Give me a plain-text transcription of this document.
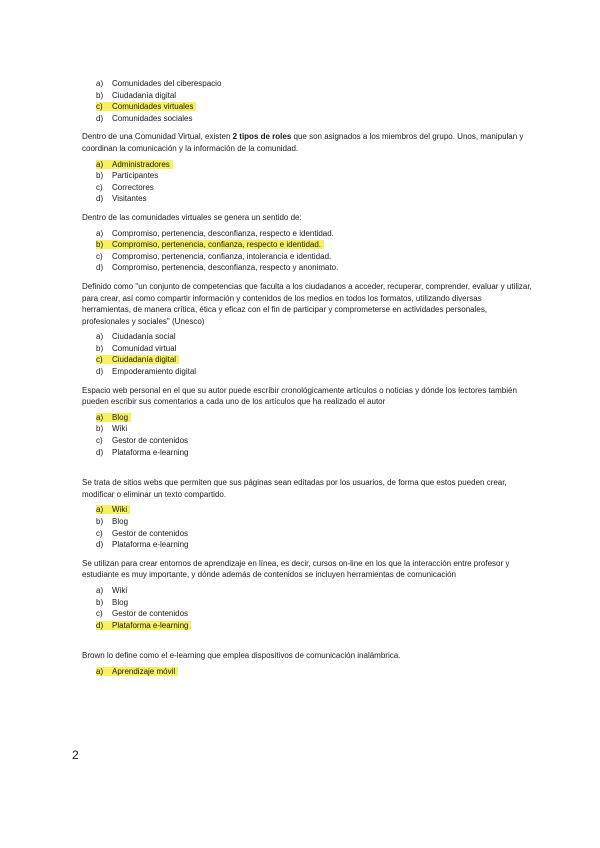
a) Comunidades del ciberespacio
b) Ciudadanía digital
c) Comunidades virtuales
d) Comunidades sociales

Dentro de una Comunidad Virtual, existen 2 tipos de roles que son asignados a los miembros del grupo. Unos, manipulan y coordinan la comunicación y la información de la comunidad.

a) Administradores
b) Participantes
c) Correctores
d) Visitantes

Dentro de las comunidades virtuales se genera un sentido de:

a) Compromiso, pertenencia, desconfianza, respecto e identidad.
b) Compromiso, pertenencia, confianza, respecto e identidad.
c) Compromiso, pertenencia, confianza, intolerancia e identidad.
d) Compromiso, pertenencia, desconfianza, respecto y anonimato.

Definido como "un conjunto de competencias que faculta a los ciudadanos a acceder, recuperar, comprender, evaluar y utilizar, para crear, así como compartir información y contenidos de los medios en todos los formatos, utilizando diversas herramientas, de manera crítica, ética y eficaz con el fin de participar y comprometerse en actividades personales, profesionales y sociales" (Unesco)

a) Ciudadanía social
b) Comunidad virtual
c) Ciudadanía digital
d) Empoderamiento digital

Espacio web personal en el que su autor puede escribir cronológicamente artículos o noticias y dónde los lectores también pueden escribir sus comentarios a cada uno de los artículos que ha realizado el autor

a) Blog
b) Wiki
c) Gestor de contenidos
d) Plataforma e-learning

Se trata de sitios webs que permiten que sus páginas sean editadas por los usuarios, de forma que estos pueden crear, modificar o eliminar un texto compartido.

a) Wiki
b) Blog
c) Gestor de contenidos
d) Plataforma e-learning

Se utilizan para crear entornos de aprendizaje en línea, es decir, cursos on-line en los que la interacción entre profesor y estudiante es muy importante, y dónde además de contenidos se incluyen herramientas de comunicación

a) Wiki
b) Blog
c) Gestor de contenidos
d) Plataforma e-learning

Brown lo define como el e-learning que emplea dispositivos de comunicación inalámbrica.

a) Aprendizaje móvil
2
